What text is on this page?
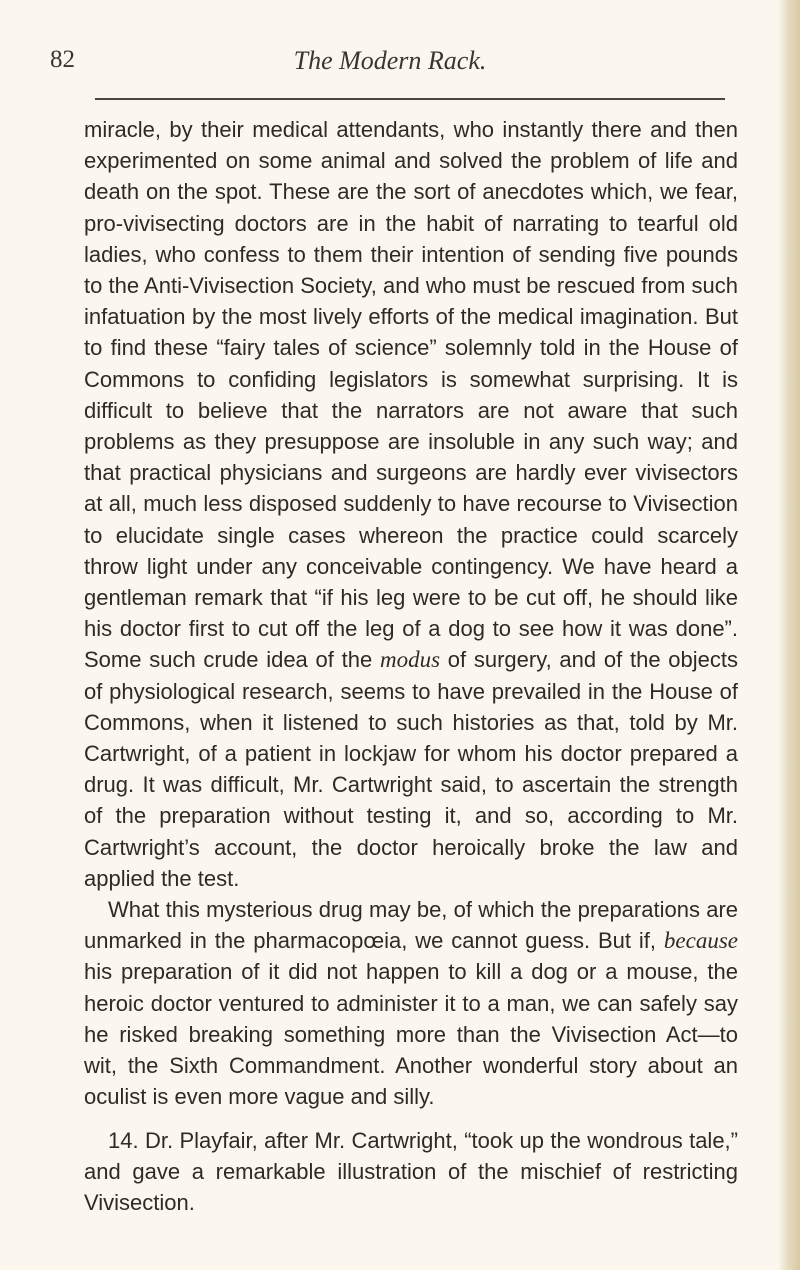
82	The Modern Rack.

miracle, by their medical attendants, who instantly there and then experimented on some animal and solved the problem of life and death on the spot. These are the sort of anecdotes which, we fear, pro-vivisecting doctors are in the habit of narrating to tearful old ladies, who confess to them their intention of sending five pounds to the Anti-Vivisection Society, and who must be rescued from such infatuation by the most lively efforts of the medical imagination. But to find these “fairy tales of science” solemnly told in the House of Commons to confiding legislators is somewhat surprising. It is difficult to believe that the narrators are not aware that such problems as they presuppose are insoluble in any such way; and that practical physicians and surgeons are hardly ever vivisectors at all, much less disposed suddenly to have recourse to Vivisection to elucidate single cases whereon the practice could scarcely throw light under any conceivable contingency. We have heard a gentleman remark that “if his leg were to be cut off, he should like his doctor first to cut off the leg of a dog to see how it was done”. Some such crude idea of the modus of surgery, and of the objects of physiological research, seems to have prevailed in the House of Commons, when it listened to such histories as that, told by Mr. Cartwright, of a patient in lockjaw for whom his doctor prepared a drug. It was difficult, Mr. Cartwright said, to ascertain the strength of the preparation without testing it, and so, according to Mr. Cartwright’s account, the doctor heroically broke the law and applied the test.

What this mysterious drug may be, of which the preparations are unmarked in the pharmacopœia, we cannot guess. But if, because his preparation of it did not happen to kill a dog or a mouse, the heroic doctor ventured to administer it to a man, we can safely say he risked breaking something more than the Vivisection Act—to wit, the Sixth Commandment. Another wonderful story about an oculist is even more vague and silly.

14. Dr. Playfair, after Mr. Cartwright, “took up the wondrous tale,” and gave a remarkable illustration of the mischief of restricting Vivisection.
